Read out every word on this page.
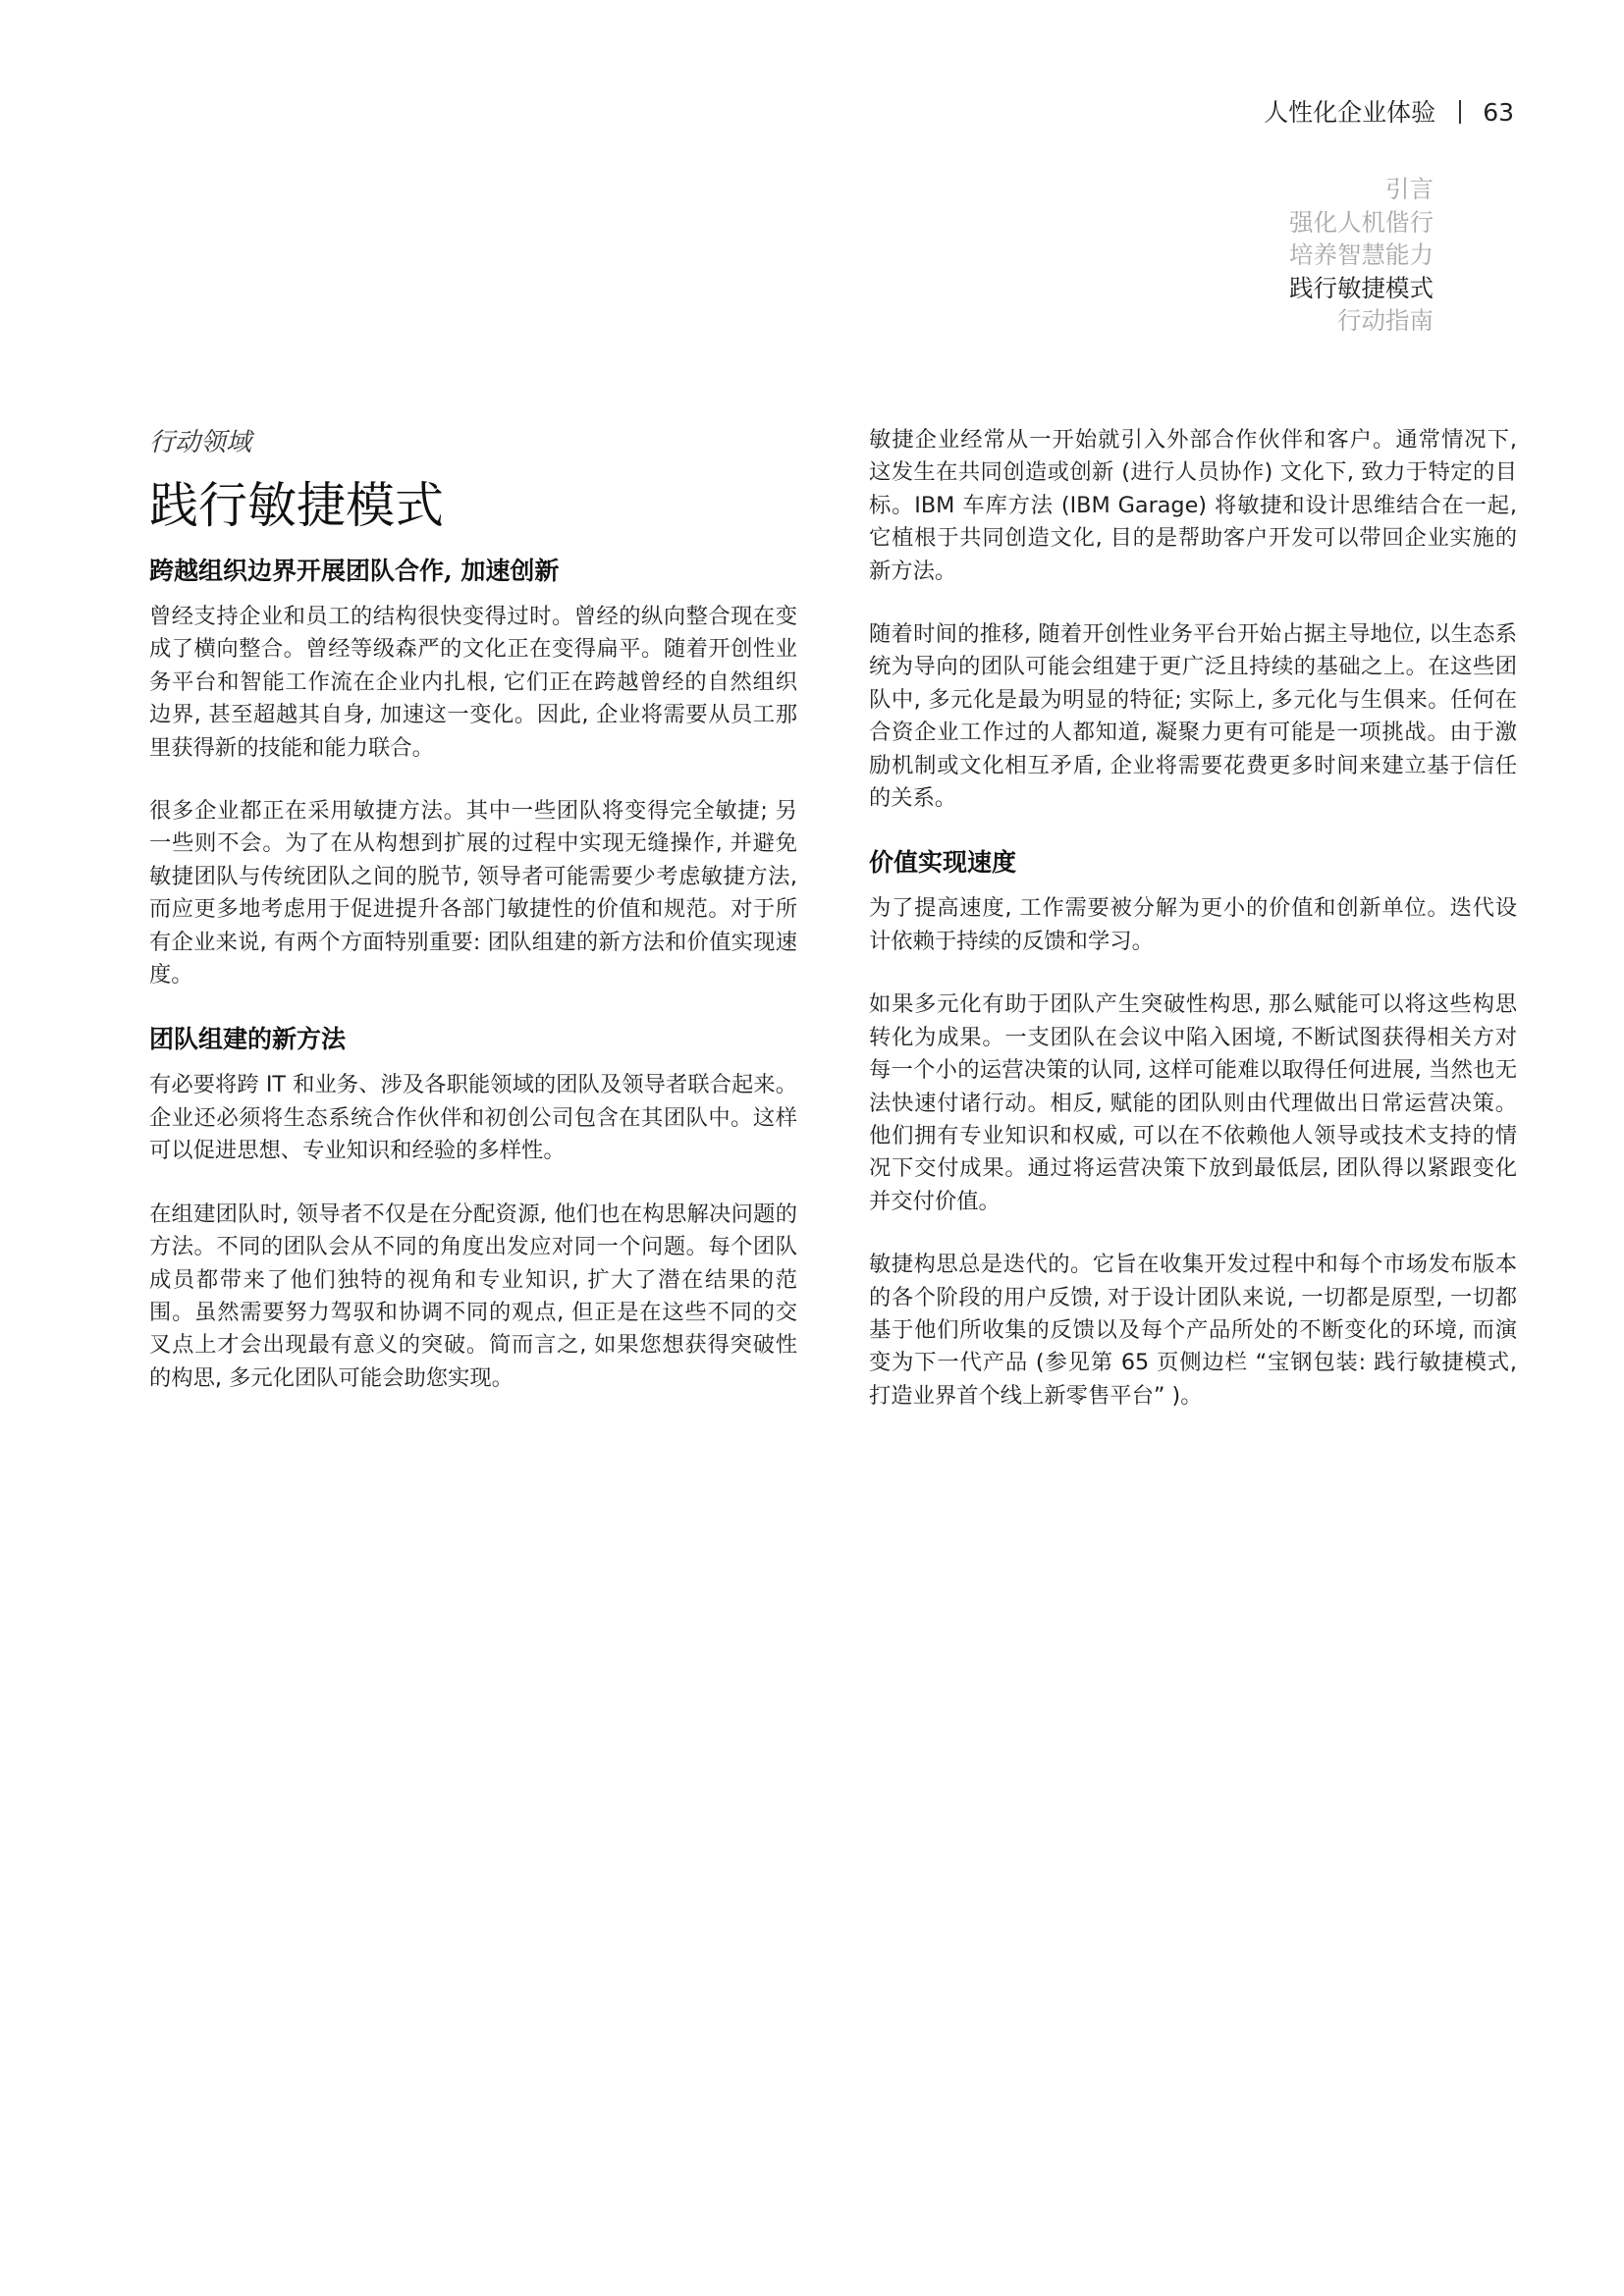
人性化企业体验 63
引言
强化人机偕行
培养智慧能力
践行敏捷模式
行动指南
行动领域
践行敏捷模式
跨越组织边界开展团队合作, 加速创新

曾经支持企业和员工的结构很快变得过时。曾经的纵向整合现在变成了横向整合。曾经等级森严的文化正在变得扁平。随着开创性业务平台和智能工作流在企业内扎根, 它们正在跨越曾经的自然组织边界, 甚至超越其自身, 加速这一变化。因此, 企业将需要从员工那里获得新的技能和能力联合。

很多企业都正在采用敏捷方法。其中一些团队将变得完全敏捷; 另一些则不会。为了在从构想到扩展的过程中实现无缝操作, 并避免敏捷团队与传统团队之间的脱节, 领导者可能需要少考虑敏捷方法, 而应更多地考虑用于促进提升各部门敏捷性的价值和规范。对于所有企业来说, 有两个方面特别重要: 团队组建的新方法和价值实现速度。

团队组建的新方法

有必要将跨 IT 和业务、涉及各职能领域的团队及领导者联合起来。企业还必须将生态系统合作伙伴和初创公司包含在其团队中。这样可以促进思想、专业知识和经验的多样性。

在组建团队时, 领导者不仅是在分配资源, 他们也在构思解决问题的方法。不同的团队会从不同的角度出发应对同一个问题。每个团队成员都带来了他们独特的视角和专业知识, 扩大了潜在结果的范围。虽然需要努力驾驭和协调不同的观点, 但正是在这些不同的交叉点上才会出现最有意义的突破。简而言之, 如果您想获得突破性的构思, 多元化团队可能会助您实现。

敏捷企业经常从一开始就引入外部合作伙伴和客户。通常情况下, 这发生在共同创造或创新 (进行人员协作) 文化下, 致力于特定的目标。IBM 车库方法 (IBM Garage) 将敏捷和设计思维结合在一起, 它植根于共同创造文化, 目的是帮助客户开发可以带回企业实施的新方法。

随着时间的推移, 随着开创性业务平台开始占据主导地位, 以生态系统为导向的团队可能会组建于更广泛且持续的基础之上。在这些团队中, 多元化是最为明显的特征; 实际上, 多元化与生俱来。任何在合资企业工作过的人都知道, 凝聚力更有可能是一项挑战。由于激励机制或文化相互矛盾, 企业将需要花费更多时间来建立基于信任的关系。

价值实现速度

为了提高速度, 工作需要被分解为更小的价值和创新单位。迭代设计依赖于持续的反馈和学习。

如果多元化有助于团队产生突破性构思, 那么赋能可以将这些构思转化为成果。一支团队在会议中陷入困境, 不断试图获得相关方对每一个小的运营决策的认同, 这样可能难以取得任何进展, 当然也无法快速付诸行动。相反, 赋能的团队则由代理做出日常运营决策。他们拥有专业知识和权威, 可以在不依赖他人领导或技术支持的情况下交付成果。通过将运营决策下放到最低层, 团队得以紧跟变化并交付价值。

敏捷构思总是迭代的。它旨在收集开发过程中和每个市场发布版本的各个阶段的用户反馈, 对于设计团队来说, 一切都是原型, 一切都基于他们所收集的反馈以及每个产品所处的不断变化的环境, 而演变为下一代产品 (参见第 65 页侧边栏 “宝钢包装: 践行敏捷模式, 打造业界首个线上新零售平台” )。
